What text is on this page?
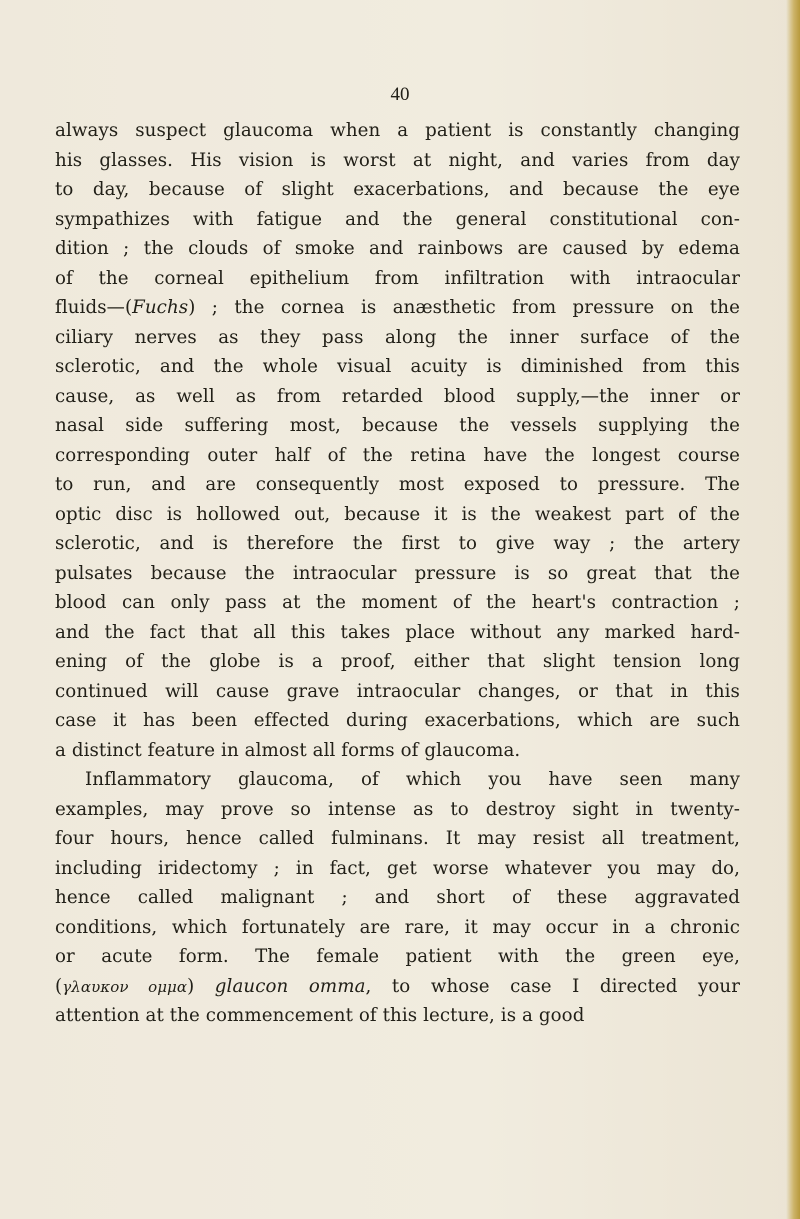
40
always suspect glaucoma when a patient is constantly changing
his glasses. His vision is worst at night, and varies from day
to day, because of slight exacerbations, and because the eye
sympathizes with fatigue and the general constitutional con-
dition ; the clouds of smoke and rainbows are caused by edema
of the corneal epithelium from infiltration with intraocular
fluids—(Fuchs) ; the cornea is anæsthetic from pressure on the
ciliary nerves as they pass along the inner surface of the
sclerotic, and the whole visual acuity is diminished from this
cause, as well as from retarded blood supply,—the inner or
nasal side suffering most, because the vessels supplying the
corresponding outer half of the retina have the longest course
to run, and are consequently most exposed to pressure. The
optic disc is hollowed out, because it is the weakest part of the
sclerotic, and is therefore the first to give way ; the artery
pulsates because the intraocular pressure is so great that the
blood can only pass at the moment of the heart's contraction ;
and the fact that all this takes place without any marked hard-
ening of the globe is a proof, either that slight tension long
continued will cause grave intraocular changes, or that in this
case it has been effected during exacerbations, which are such
a distinct feature in almost all forms of glaucoma.
Inflammatory glaucoma, of which you have seen many
examples, may prove so intense as to destroy sight in twenty-
four hours, hence called fulminans. It may resist all treatment,
including iridectomy ; in fact, get worse whatever you may do,
hence called malignant ; and short of these aggravated
conditions, which fortunately are rare, it may occur in a chronic
or acute form. The female patient with the green eye,
(γλαυκον ομμα) glaucon omma, to whose case I directed your
attention at the commencement of this lecture, is a good
